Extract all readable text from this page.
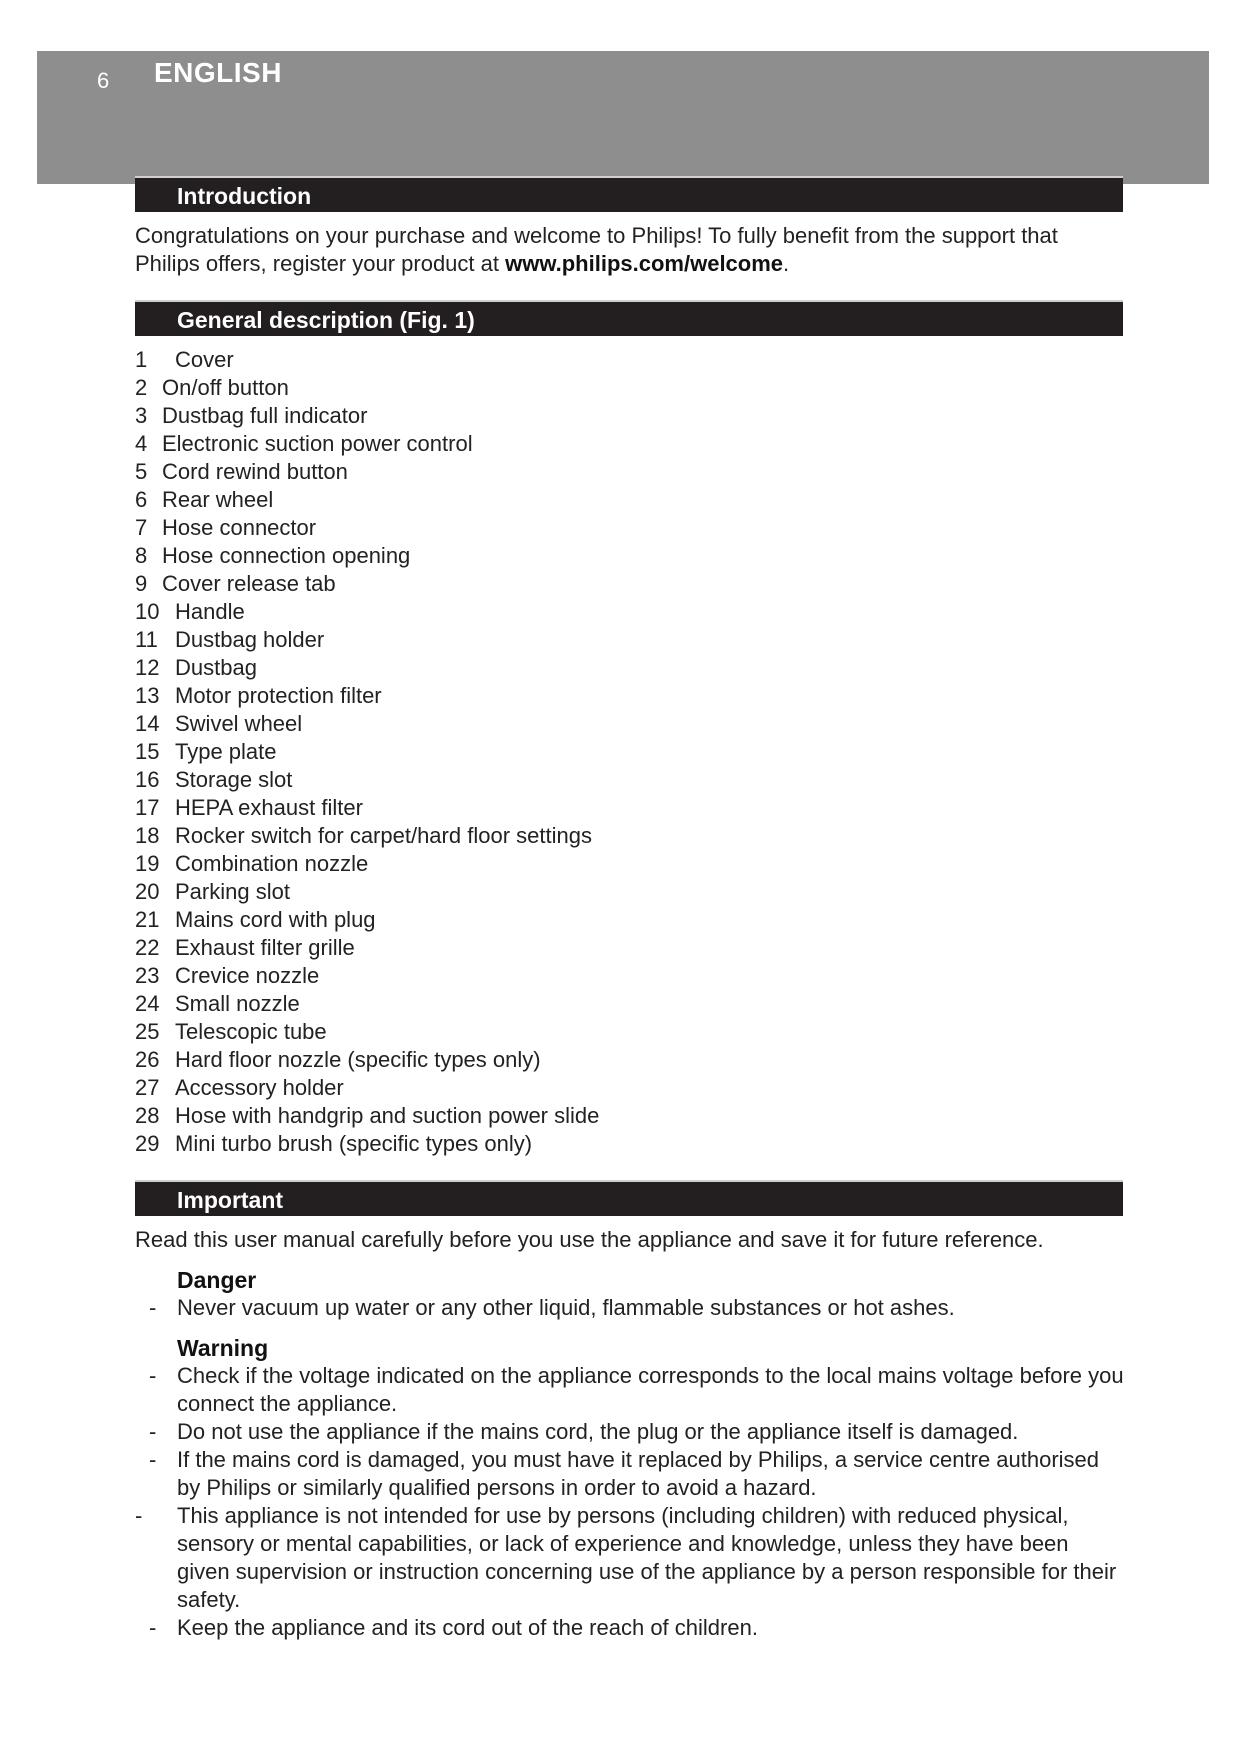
6 ENGLISH
Introduction

Congratulations on your purchase and welcome to Philips! To fully benefit from the support that Philips offers, register your product at www.philips.com/welcome.

General description (Fig. 1)
1 Cover
2 On/off button
3 Dustbag full indicator
4 Electronic suction power control
5 Cord rewind button
6 Rear wheel
7 Hose connector
8 Hose connection opening
9 Cover release tab
10 Handle
11 Dustbag holder
12 Dustbag
13 Motor protection filter
14 Swivel wheel
15 Type plate
16 Storage slot
17 HEPA exhaust filter
18 Rocker switch for carpet/hard floor settings
19 Combination nozzle
20 Parking slot
21 Mains cord with plug
22 Exhaust filter grille
23 Crevice nozzle
24 Small nozzle
25 Telescopic tube
26 Hard floor nozzle (specific types only)
27 Accessory holder
28 Hose with handgrip and suction power slide
29 Mini turbo brush (specific types only)
Important

Read this user manual carefully before you use the appliance and save it for future reference.

Danger
- Never vacuum up water or any other liquid, flammable substances or hot ashes.
Warning
- Check if the voltage indicated on the appliance corresponds to the local mains voltage before you connect the appliance.
- Do not use the appliance if the mains cord, the plug or the appliance itself is damaged.
- If the mains cord is damaged, you must have it replaced by Philips, a service centre authorised by Philips or similarly qualified persons in order to avoid a hazard.
- This appliance is not intended for use by persons (including children) with reduced physical, sensory or mental capabilities, or lack of experience and knowledge, unless they have been given supervision or instruction concerning use of the appliance by a person responsible for their safety.
- Keep the appliance and its cord out of the reach of children.
